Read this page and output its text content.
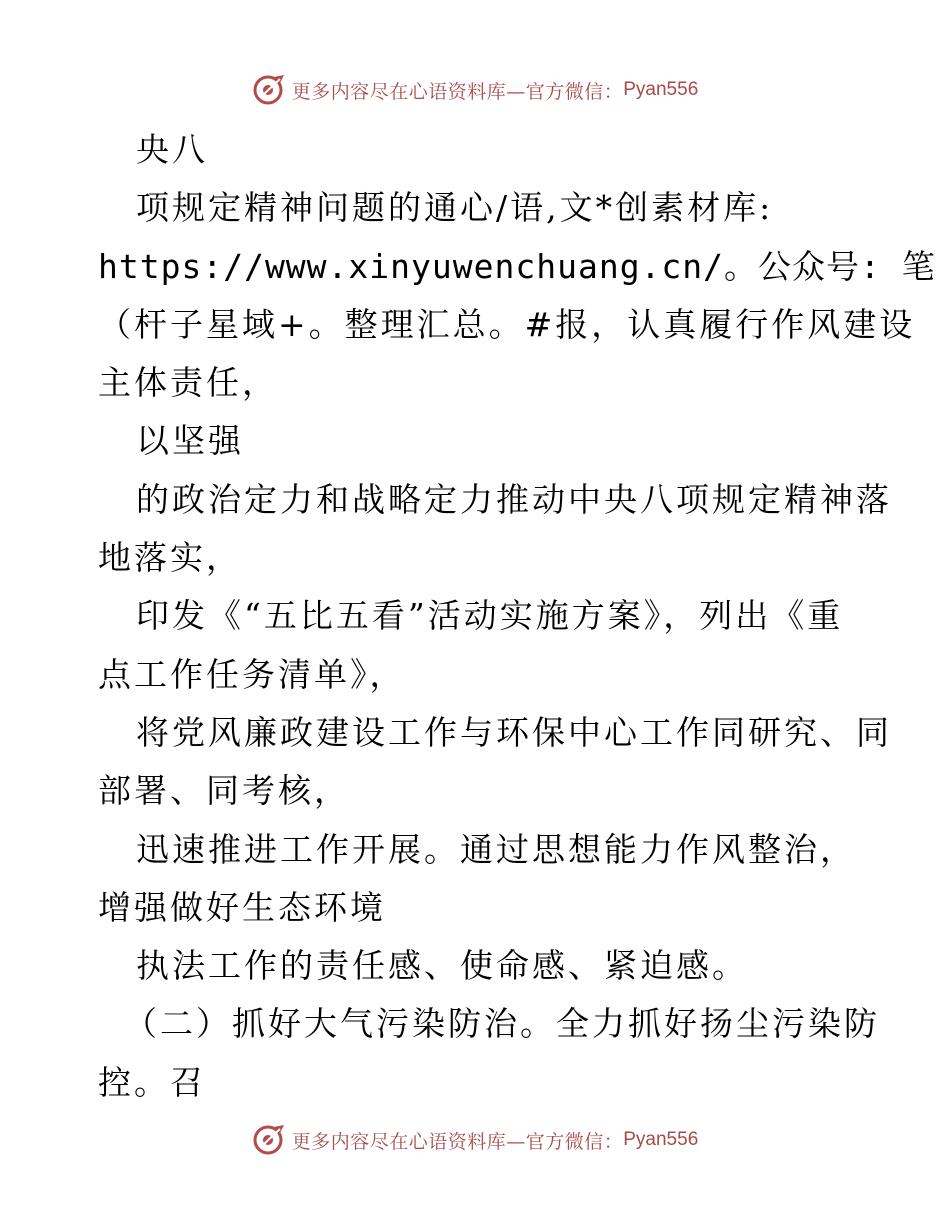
更多内容尽在心语资料库—官方微信： Pyan556
央八
项规定精神问题的通心/语,文*创素材库:
https://www.xinyuwenchuang.cn/。公众号: 笔
（杆子星域+。整理汇总。#报，认真履行作风建设
主体责任，
以坚强
的政治定力和战略定力推动中央八项规定精神落
地落实，
印发《“五比五看”活动实施方案》，列出《重
点工作任务清单》，
将党风廉政建设工作与环保中心工作同研究、同
部署、同考核，
迅速推进工作开展。通过思想能力作风整治，
增强做好生态环境
执法工作的责任感、使命感、紧迫感。
（二）抓好大气污染防治。全力抓好扬尘污染防
控。召
更多内容尽在心语资料库—官方微信： Pyan556
